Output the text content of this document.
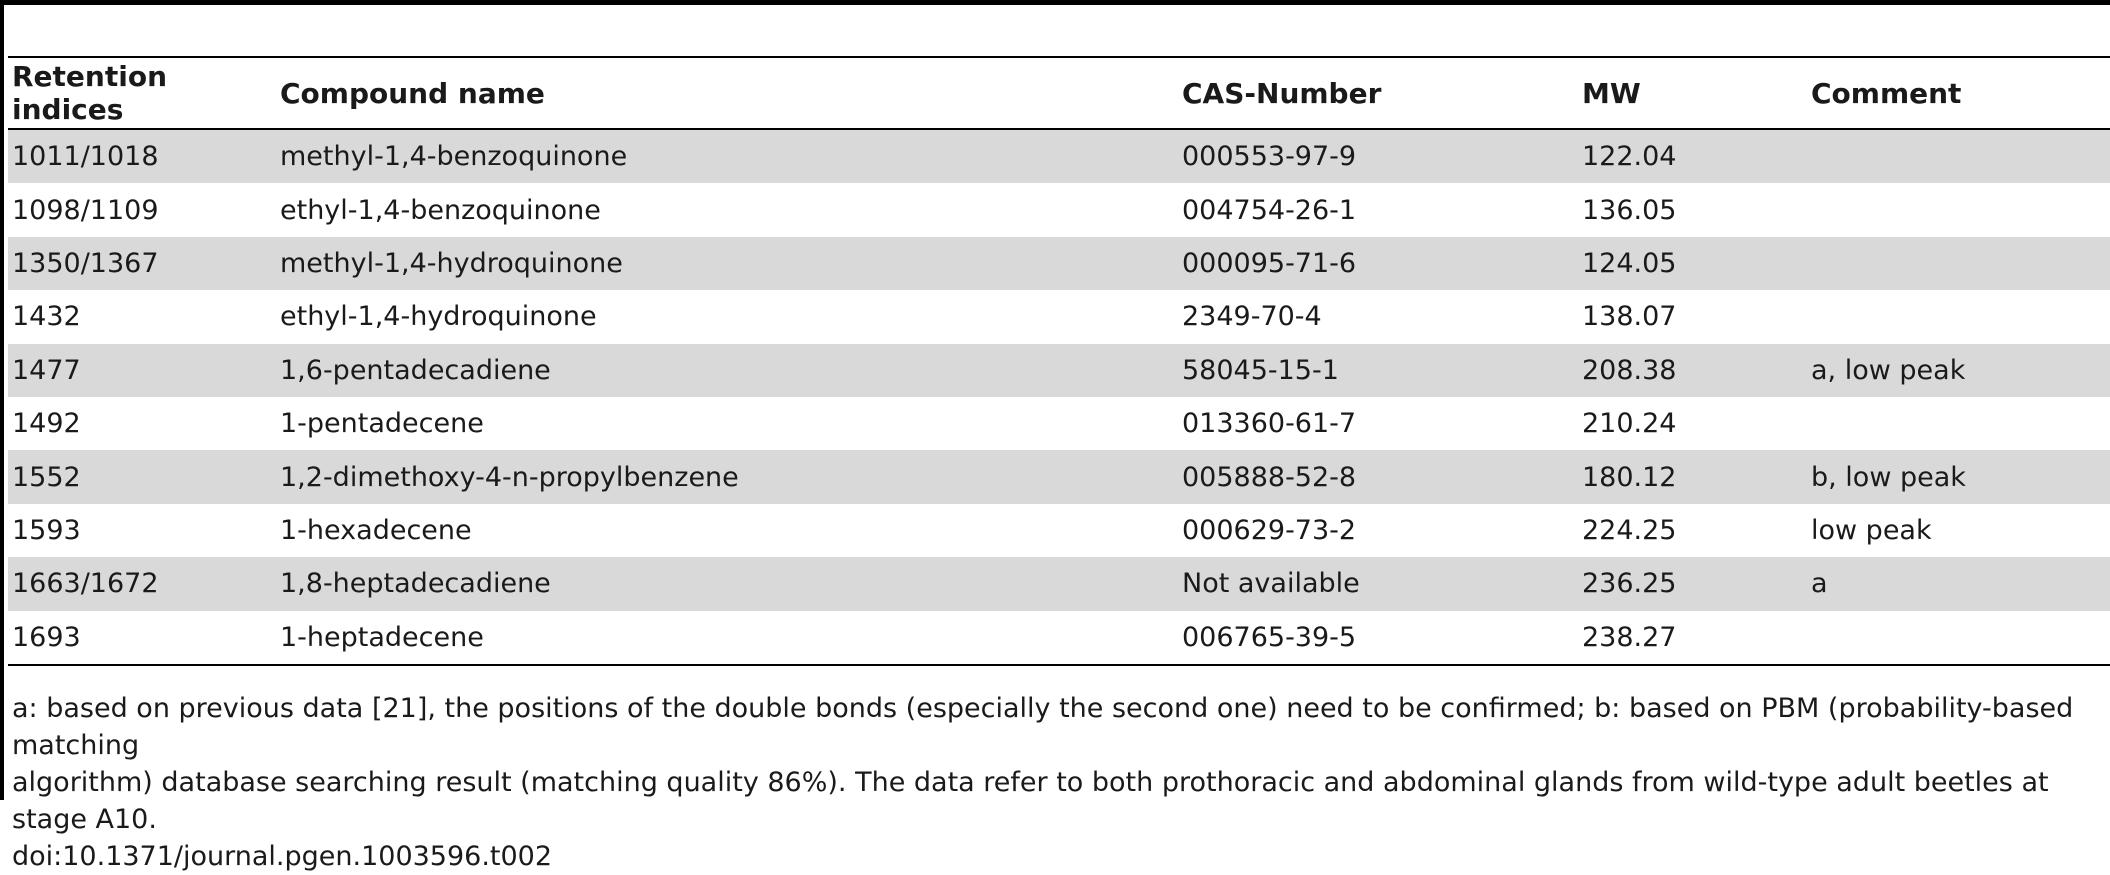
Retention indices	Compound name	CAS-Number	MW	Comment
1011/1018	methyl-1,4-benzoquinone	000553-97-9	122.04
1098/1109	ethyl-1,4-benzoquinone	004754-26-1	136.05
1350/1367	methyl-1,4-hydroquinone	000095-71-6	124.05
1432	ethyl-1,4-hydroquinone	2349-70-4	138.07
1477	1,6-pentadecadiene	58045-15-1	208.38	a, low peak
1492	1-pentadecene	013360-61-7	210.24
1552	1,2-dimethoxy-4-n-propylbenzene	005888-52-8	180.12	b, low peak
1593	1-hexadecene	000629-73-2	224.25	low peak
1663/1672	1,8-heptadecadiene	Not available	236.25	a
1693	1-heptadecene	006765-39-5	238.27

a: based on previous data [21], the positions of the double bonds (especially the second one) need to be confirmed; b: based on PBM (probability-based matching

algorithm) database searching result (matching quality 86%). The data refer to both prothoracic and abdominal glands from wild-type adult beetles at stage A10.

doi:10.1371/journal.pgen.1003596.t002
